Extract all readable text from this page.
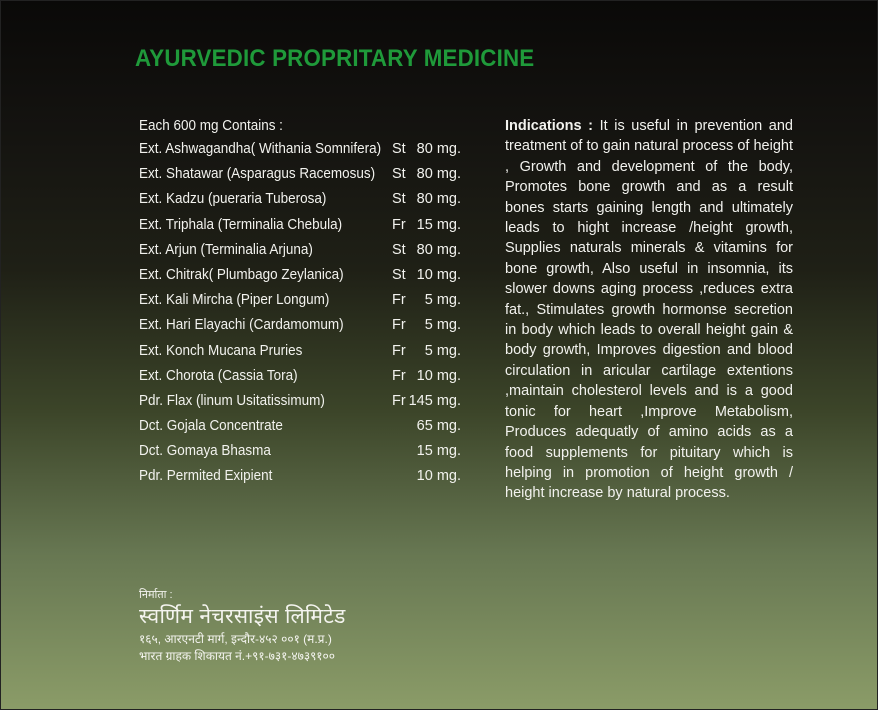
AYURVEDIC PROPRITARY MEDICINE
Each 600 mg Contains :
Ext. Ashwagandha( Withania Somnifera) St 80 mg.
Ext. Shatawar (Asparagus Racemosus) St 80 mg.
Ext. Kadzu (pueraria Tuberosa)	St 80 mg.
Ext. Triphala (Terminalia Chebula)	Fr 15 mg.
Ext. Arjun (Terminalia Arjuna)	St 80 mg.
Ext. Chitrak( Plumbago Zeylanica)	St 10 mg.
Ext. Kali Mircha (Piper Longum)	Fr 5 mg.
Ext. Hari Elayachi (Cardamomum)	Fr 5 mg.
Ext. Konch Mucana Pruries	Fr 5 mg.
Ext. Chorota (Cassia Tora)	Fr 10 mg.
Pdr. Flax (linum Usitatissimum)	Fr 145 mg.
Dct. Gojala Concentrate	65 mg.
Dct. Gomaya Bhasma	15 mg.
Pdr. Permited Exipient	10 mg.
Indications : It is useful in prevention and treatment of to gain natural process of height , Growth and development of the body, Promotes bone growth and as a result bones starts gaining length and ultimately leads to hight increase /height growth, Supplies naturals minerals & vitamins for bone growth, Also useful in insomnia, its slower downs aging process ,reduces extra fat., Stimulates growth hormonse secretion in body which leads to overall height gain & body growth, Improves digestion and blood circulation in aricular cartilage extentions ,maintain cholesterol levels and is a good tonic for heart ,Improve Metabolism, Produces adequatly of amino acids as a food supplements for pituitary which is helping in promotion of height growth / height increase by natural process.
निर्माता :
स्वर्णिम नेचरसाइंस लिमिटेड
१६५, आरएनटी मार्ग, इन्दौर-४५२ ००१ (म.प्र.)
भारत ग्राहक शिकायत नं.+९१-७३१-४७३९१००
